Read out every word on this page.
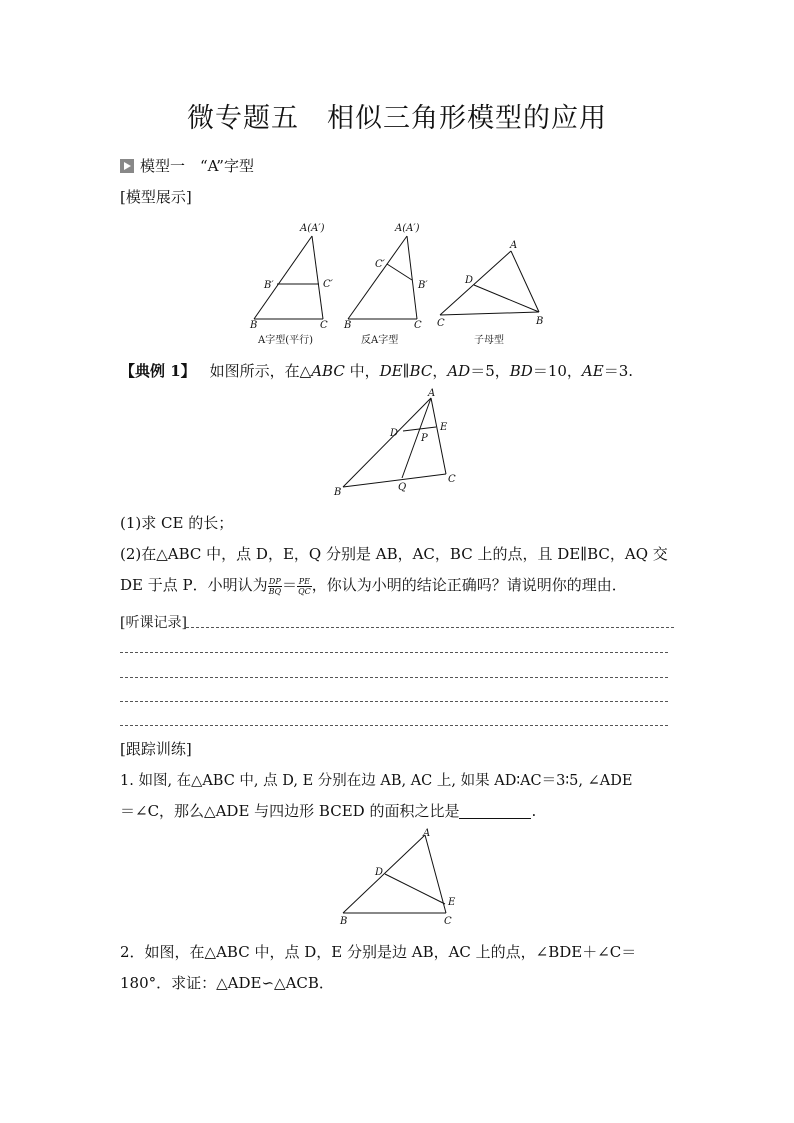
微专题五 相似三角形模型的应用
模型一　“A”字型
[模型展示]
A(A′)
B′	C′
B	C
A字型(平行)
A(A′)
C′
B′
B	C
反A字型
A
D
C	B
子母型
【典例 1】 如图所示，在△ABC 中，DE∥BC，AD＝5，BD＝10，AE＝3.
A
D
E
P
B	Q
C
(1)求 CE 的长；
(2)在△ABC 中，点 D，E，Q 分别是 AB，AC，BC 上的点，且 DE∥BC，AQ 交
DE 于点 P．小明认为 $\frac{DP}{BQ} = \frac{PE}{QC}$ ，你认为小明的结论正确吗？请说明你的理由．
[听课记录]
[跟踪训练]
1. 如图, 在△ABC 中, 点 D, E 分别在边 AB, AC 上, 如果 AD∶AC＝3∶5, ∠ADE
＝∠C，那么△ADE 与四边形 BCED 的面积之比是	.
A
D
E
B	C
2．如图，在△ABC 中，点 D，E 分别是边 AB，AC 上的点，∠BDE＋∠C＝
180°．求证：△ADE∽△ACB．
